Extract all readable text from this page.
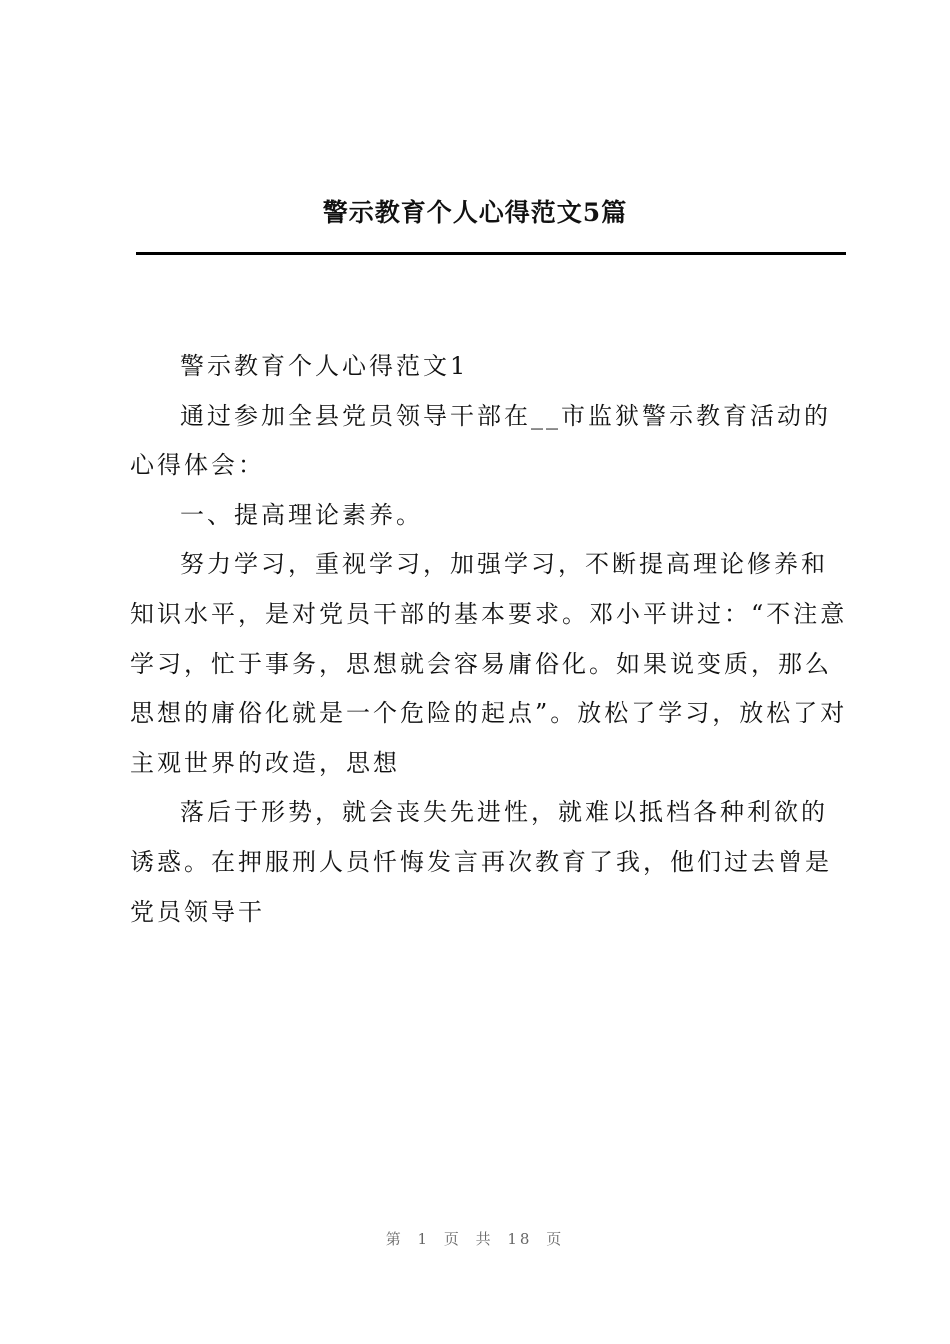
警示教育个人心得范文5篇

警示教育个人心得范文1

通过参加全县党员领导干部在__市监狱警示教育活动的心得体会：

一、提高理论素养。

努力学习，重视学习，加强学习，不断提高理论修养和知识水平，是对党员干部的基本要求。邓小平讲过：“不注意学习，忙于事务，思想就会容易庸俗化。如果说变质，那么思想的庸俗化就是一个危险的起点”。放松了学习，放松了对主观世界的改造，思想

落后于形势，就会丧失先进性，就难以抵档各种利欲的诱惑。在押服刑人员忏悔发言再次教育了我，他们过去曾是党员领导干

第 1 页 共 18 页
